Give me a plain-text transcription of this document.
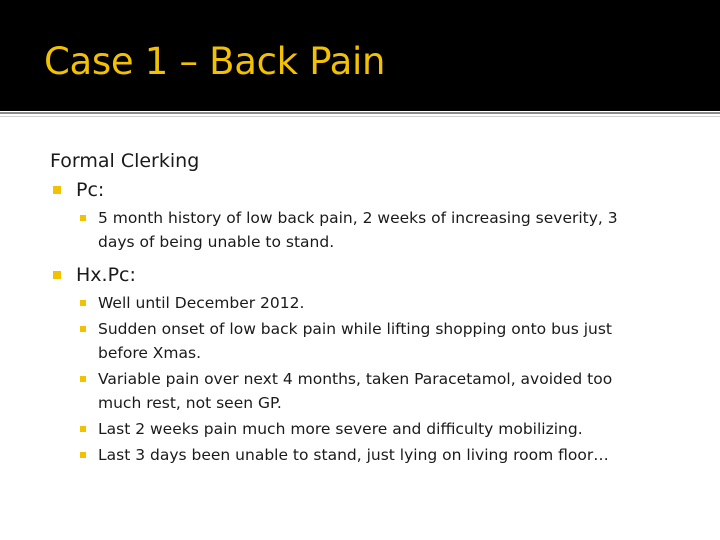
Case 1 – Back Pain
Formal Clerking
Pc:
5 month history of low back pain, 2 weeks of increasing severity, 3 days of being unable to stand.
Hx.Pc:
Well until December 2012.
Sudden onset of low back pain while lifting shopping onto bus just before Xmas.
Variable pain over next 4 months, taken Paracetamol, avoided too much rest, not seen GP.
Last 2 weeks pain much more severe and difficulty mobilizing.
Last 3 days been unable to stand, just lying on living room floor…
